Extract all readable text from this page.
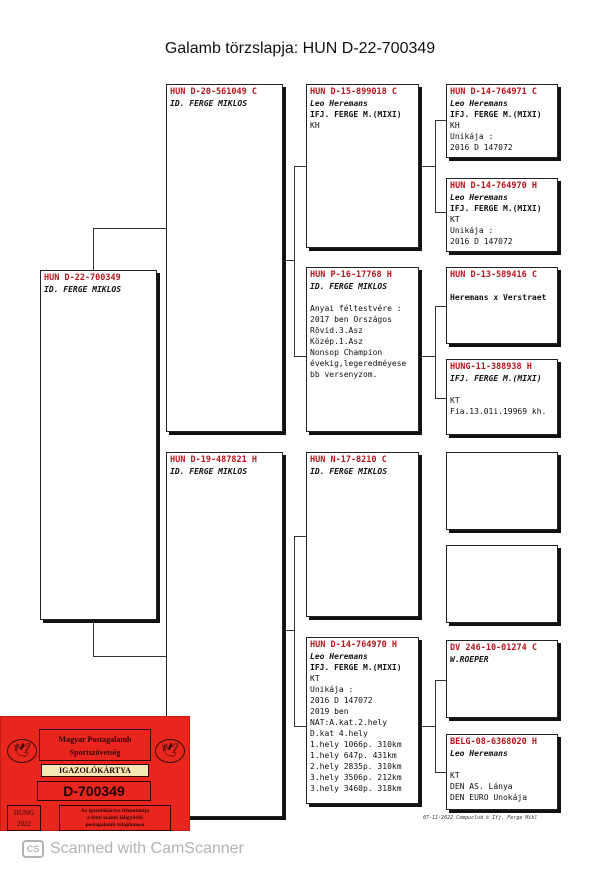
Galamb törzslapja: HUN D-22-700349
HUN D-22-700349
ID. FERGE MIKLOS
HUN D-20-561049 C
ID. FERGE MIKLOS
HUN D-19-487821 H
ID. FERGE MIKLOS
HUN D-15-899018 C
Leo Heremans
IFJ. FERGE M.(MIXI)
KH
HUN P-16-17768 H
ID. FERGE MIKLOS
Anyai féltestvére :
2017 ben Országos
Rövid.3.Asz
Közép.1.Asz
Nonsop Champion
évekig,legeredméyese
bb versenyzom.
HUN N-17-8210 C
ID. FERGE MIKLOS
HUN D-14-764970 H
Leo Heremans
IFJ. FERGE M.(MIXI)
KT
Unikája :
2016 D 147072
2019 ben
NAT:A.kat.2.hely
D.kat 4.hely
1.hely 1066p. 310km
1.hely 647p. 431km
2.hely 2835p. 310km
3.hely 3506p. 212km
3.hely 3460p. 318km
HUN D-14-764971 C
Leo Heremans
IFJ. FERGE M.(MIXI)
KH
Unikája :
2016 D 147072
HUN D-14-764970 H
Leo Heremans
IFJ. FERGE M.(MIXI)
KT
Unikája :
2016 D 147072
HUN D-13-589416 C
Heremans x Verstraet
HUNG-11-388938 H
IFJ. FERGE M.(MIXI)
KT
Fia.13.01i.19969 kh.
DV 246-10-01274 C
W.ROEPER
BELG-08-6368020 H
Leo Heremans
KT
DEN AS. Lánya
DEN EURO Unokája
07-11-2022 Compuclub © Ifj. Ferge Mikl
🕊	🕊
Magyar Postagalamb
Sportszövetség
IGAZOLÓKÁRTYA
D-700349
HUNG
2022
Az igazolókártya felmutatója
a fenti számú lábgyűrűs
postagalamb tulajdonosa
CS Scanned with CamScanner
